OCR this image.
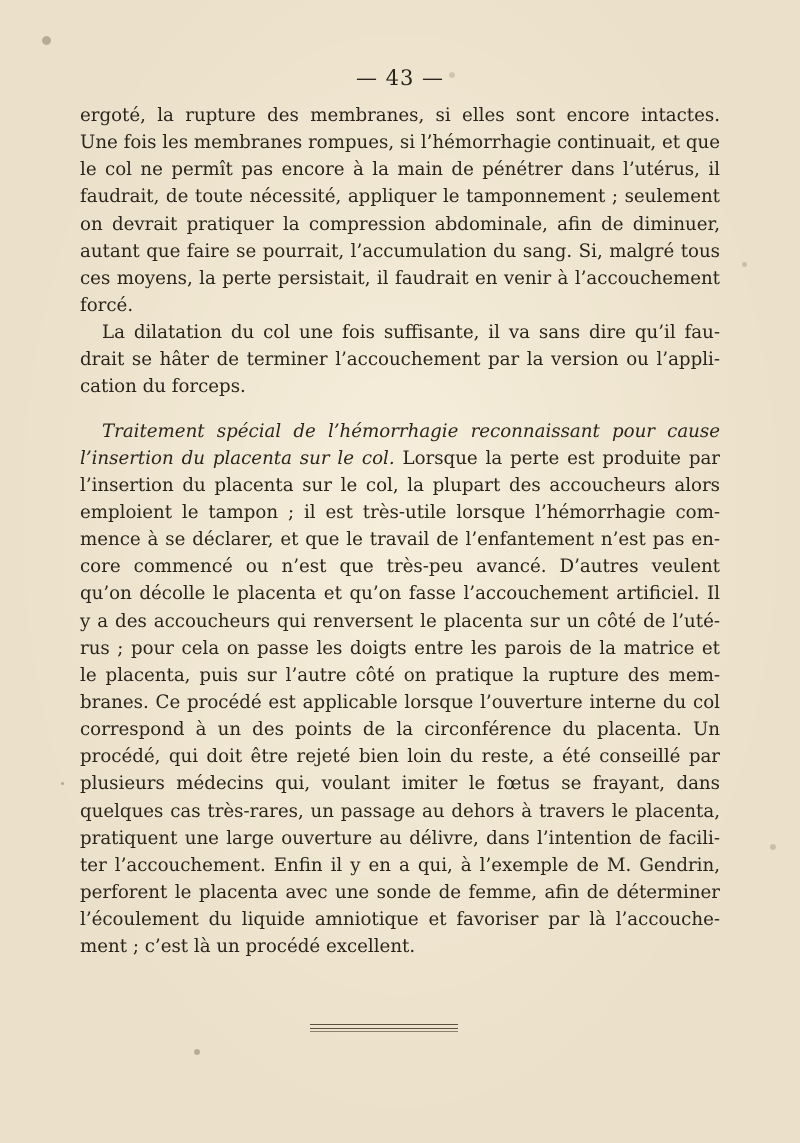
— 43 —
ergoté, la rupture des membranes, si elles sont encore intactes.
Une fois les membranes rompues, si l’hémorrhagie continuait, et que
le col ne permît pas encore à la main de pénétrer dans l’utérus, il
faudrait, de toute nécessité, appliquer le tamponnement ; seulement
on devrait pratiquer la compression abdominale, afin de diminuer,
autant que faire se pourrait, l’accumulation du sang. Si, malgré tous
ces moyens, la perte persistait, il faudrait en venir à l’accouchement
forcé.
La dilatation du col une fois suffisante, il va sans dire qu’il fau-
drait se hâter de terminer l’accouchement par la version ou l’appli-
cation du forceps.
Traitement spécial de l’hémorrhagie reconnaissant pour cause
l’insertion du placenta sur le col. Lorsque la perte est produite par
l’insertion du placenta sur le col, la plupart des accoucheurs alors
emploient le tampon ; il est très-utile lorsque l’hémorrhagie com-
mence à se déclarer, et que le travail de l’enfantement n’est pas en-
core commencé ou n’est que très-peu avancé. D’autres veulent
qu’on décolle le placenta et qu’on fasse l’accouchement artificiel. Il
y a des accoucheurs qui renversent le placenta sur un côté de l’uté-
rus ; pour cela on passe les doigts entre les parois de la matrice et
le placenta, puis sur l’autre côté on pratique la rupture des mem-
branes. Ce procédé est applicable lorsque l’ouverture interne du col
correspond à un des points de la circonférence du placenta. Un
procédé, qui doit être rejeté bien loin du reste, a été conseillé par
plusieurs médecins qui, voulant imiter le fœtus se frayant, dans
quelques cas très-rares, un passage au dehors à travers le placenta,
pratiquent une large ouverture au délivre, dans l’intention de facili-
ter l’accouchement. Enfin il y en a qui, à l’exemple de M. Gendrin,
perforent le placenta avec une sonde de femme, afin de déterminer
l’écoulement du liquide amniotique et favoriser par là l’accouche-
ment ; c’est là un procédé excellent.
